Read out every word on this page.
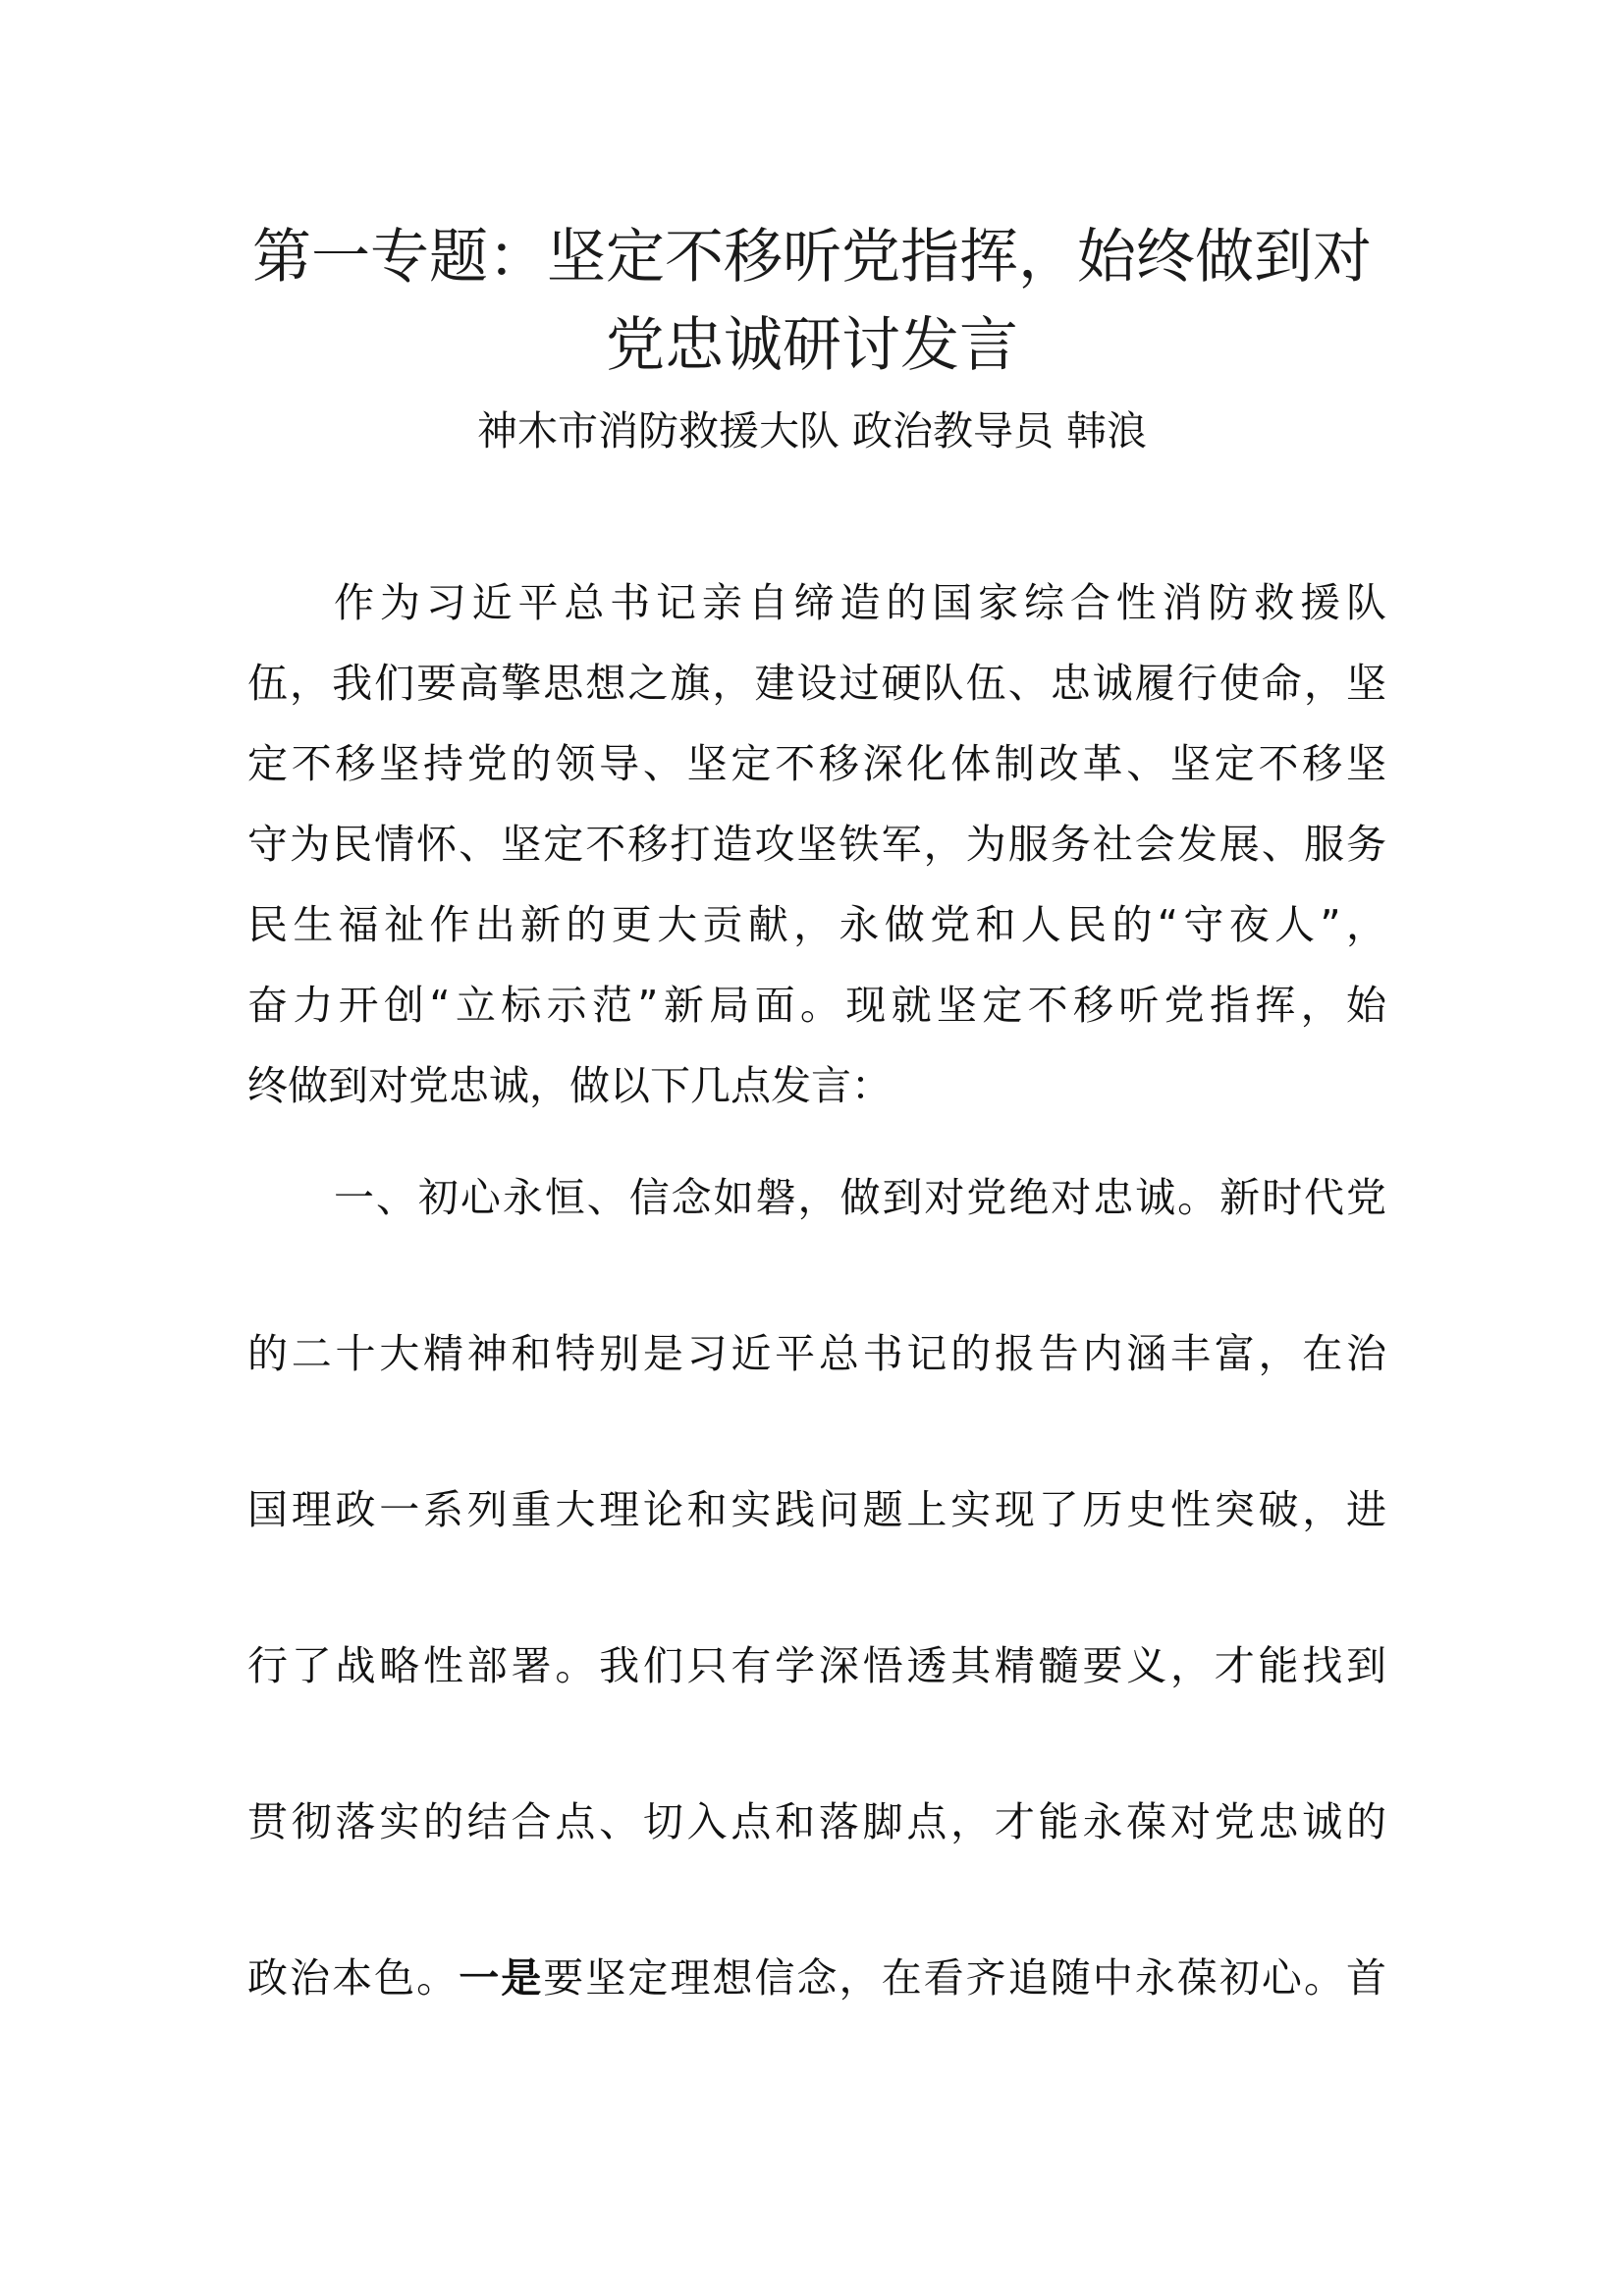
第一专题：坚定不移听党指挥，始终做到对
党忠诚研讨发言
神木市消防救援大队 政治教导员 韩浪
作为习近平总书记亲自缔造的国家综合性消防救援队
伍，我们要高擎思想之旗，建设过硬队伍、忠诚履行使命，坚
定不移坚持党的领导、坚定不移深化体制改革、坚定不移坚
守为民情怀、坚定不移打造攻坚铁军，为服务社会发展、服务
民生福祉作出新的更大贡献，永做党和人民的“守夜人”，
奋力开创“立标示范”新局面。现就坚定不移听党指挥，始
终做到对党忠诚，做以下几点发言：
一、初心永恒、信念如磐，做到对党绝对忠诚。新时代党
的二十大精神和特别是习近平总书记的报告内涵丰富，在治
国理政一系列重大理论和实践问题上实现了历史性突破，进
行了战略性部署。我们只有学深悟透其精髓要义，才能找到
贯彻落实的结合点、切入点和落脚点，才能永葆对党忠诚的
政治本色。一是要坚定理想信念，在看齐追随中永葆初心。首
